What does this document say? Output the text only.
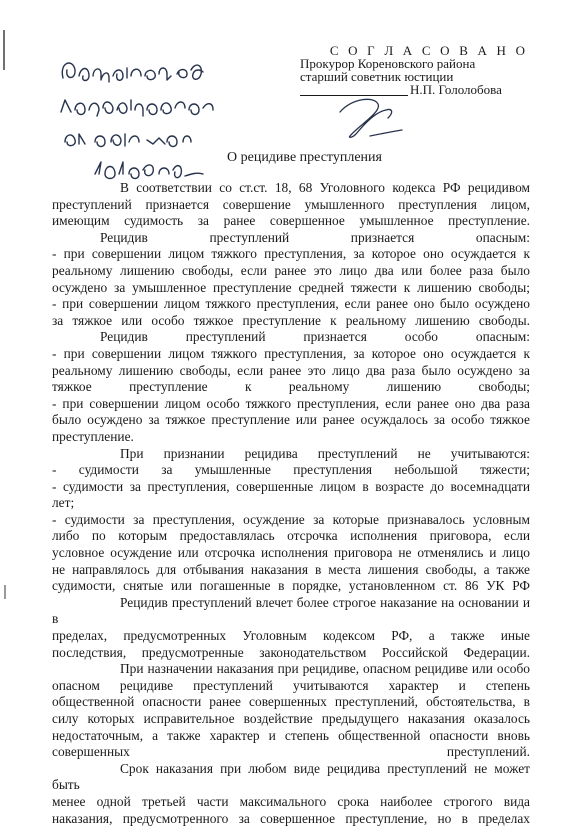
С О Г Л А С О В А Н О
Прокурор Кореновского района
старший советник юстиции
Н.П. Гололобова
О рецидиве преступления

В соответствии со ст.ст. 18, 68 Уголовного кодекса РФ рецидивом

преступлений признается совершение умышленного преступления лицом,

имеющим судимость за ранее совершенное умышленное преступление.

Рецидив преступлений признается опасным:

- при совершении лицом тяжкого преступления, за которое оно осуждается к

реальному лишению свободы, если ранее это лицо два или более раза было

осуждено за умышленное преступление средней тяжести к лишению свободы;

- при совершении лицом тяжкого преступления, если ранее оно было осуждено

за тяжкое или особо тяжкое преступление к реальному лишению свободы.

Рецидив преступлений признается особо опасным:

- при совершении лицом тяжкого преступления, за которое оно осуждается к

реальному лишению свободы, если ранее это лицо два раза было осуждено за

тяжкое преступление к реальному лишению свободы;

- при совершении лицом особо тяжкого преступления, если ранее оно два раза

было осуждено за тяжкое преступление или ранее осуждалось за особо тяжкое

преступление.

При признании рецидива преступлений не учитываются:

- судимости за умышленные преступления небольшой тяжести;

- судимости за преступления, совершенные лицом в возрасте до восемнадцати

лет;

- судимости за преступления, осуждение за которые признавалось условным

либо по которым предоставлялась отсрочка исполнения приговора, если

условное осуждение или отсрочка исполнения приговора не отменялись и лицо

не направлялось для отбывания наказания в места лишения свободы, а также

судимости, снятые или погашенные в порядке, установленном ст. 86 УК РФ

Рецидив преступлений влечет более строгое наказание на основании и в

пределах, предусмотренных Уголовным кодексом РФ, а также иные

последствия, предусмотренные законодательством Российской Федерации.

При назначении наказания при рецидиве, опасном рецидиве или особо

опасном рецидиве преступлений учитываются характер и степень

общественной опасности ранее совершенных преступлений, обстоятельства, в

силу которых исправительное воздействие предыдущего наказания оказалось

недостаточным, а также характер и степень общественной опасности вновь

совершенных преступлений.

Срок наказания при любом виде рецидива преступлений не может быть

менее одной третьей части максимального срока наиболее строгого вида

наказания, предусмотренного за совершенное преступление, но в пределах
